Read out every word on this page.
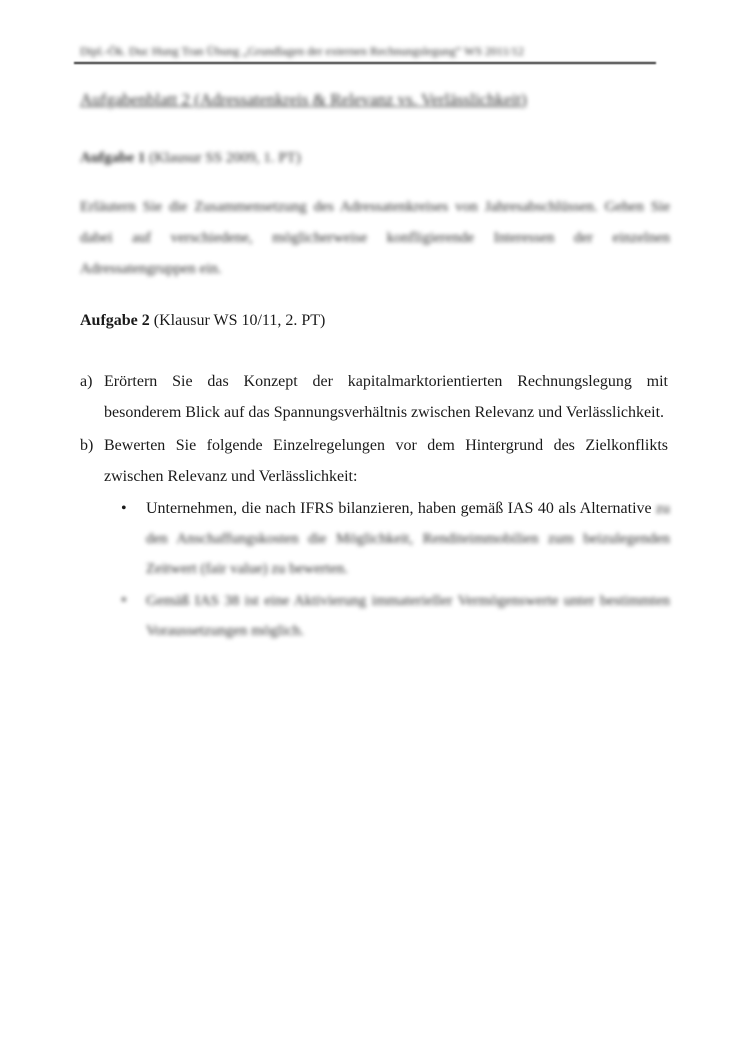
Dipl.-Ök. Duc Hung Tran Übung „Grundlagen der externen Rechnungslegung“ WS 2011/12
Aufgabenblatt 2 (Adressatenkreis & Relevanz vs. Verlässlichkeit)
Aufgabe 1 (Klausur SS 2009, 1. PT)
Erläutern Sie die Zusammensetzung des Adressatenkreises von Jahresabschlüssen. Gehen Sie dabei auf verschiedene, möglicherweise konfligierende Interessen der einzelnen Adressatengruppen ein.
Aufgabe 2 (Klausur WS 10/11, 2. PT)
a) Erörtern Sie das Konzept der kapitalmarktorientierten Rechnungslegung mit besonderem Blick auf das Spannungsverhältnis zwischen Relevanz und Verlässlichkeit.
b) Bewerten Sie folgende Einzelregelungen vor dem Hintergrund des Zielkonflikts zwischen Relevanz und Verlässlichkeit:
• Unternehmen, die nach IFRS bilanzieren, haben gemäß IAS 40 als Alternative zu den Anschaffungskosten die Möglichkeit, Renditeimmobilien zum beizulegenden Zeitwert (fair value) zu bewerten.
• Gemäß IAS 38 ist eine Aktivierung immaterieller Vermögenswerte unter bestimmten Voraussetzungen möglich.
